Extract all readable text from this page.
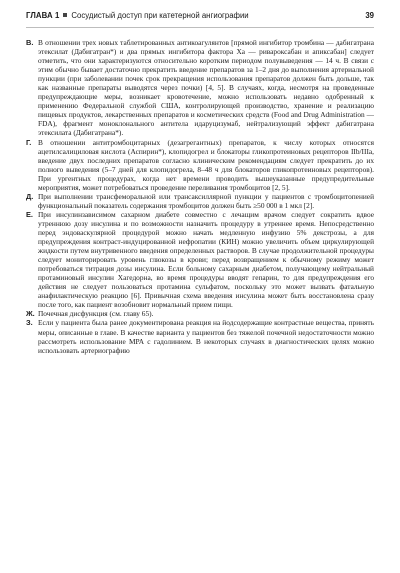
ГЛАВА 1 Сосудистый доступ при катетерной ангиографии	39
В. В отношении трех новых таблетированных антикоагулянтов [прямой ингибитор тромбина — дабигатрана этексилат (Дабигатран*) и два прямых ингибитора фактора Ха — ривароксабан и апиксабан] следует отметить, что они характеризуются относительно коротким периодом полувыведения — 14 ч. В связи с этим обычно бывает достаточно прекратить введение препаратов за 1–2 дня до выполнения артериальной пункции (при заболевании почек срок прекращения использования препаратов должен быть дольше, так как названные препараты выводятся через почки) [4, 5]. В случаях, когда, несмотря на проведенные предупреждающие меры, возникает кровотечение, можно использовать недавно одобренный к применению Федеральной службой США, контролирующей производство, хранение и реализацию пищевых продуктов, лекарственных препаратов и косметических средств (Food and Drug Administration — FDA), фрагмент моноклонального антитела идаруцизумаб, нейтрализующий эффект дабигатрана этексилата (Дабигатрана*).
Г. В отношении антитромбоцитарных (дезагрегантных) препаратов, к числу которых относятся ацетилсалициловая кислота (Аспирин*), клопидогрел и блокаторы гликопротеиновых рецепторов IIb/IIIa, введение двух последних препаратов согласно клиническим рекомендациям следует прекратить до их полного выведения (5–7 дней для клопидогрела, 8–48 ч для блокаторов гликопротеиновых рецепторов). При ургентных процедурах, когда нет времени проводить вышеуказанные предупредительные мероприятия, может потребоваться проведение переливания тромбоцитов [2, 5].
Д. При выполнении трансфеморальной или трансаксиллярной пункции у пациентов с тромбоцитопенией функциональный показатель содержания тромбоцитов должен быть ≥50 000 в 1 мкл [2].
Е. При инсулинзависимом сахарном диабете совместно с лечащим врачом следует сократить вдвое утреннюю дозу инсулина и по возможности назначить процедуру в утреннее время. Непосредственно перед эндоваскулярной процедурой можно начать медленную инфузию 5% декстрозы, а для предупреждения контраст-индуцированной нефропатии (КИН) можно увеличить объем циркулирующей жидкости путем внутривенного введения определенных растворов. В случае продолжительной процедуры следует мониторировать уровень глюкозы в крови; перед возвращением к обычному режиму может потребоваться титрация дозы инсулина. Если больному сахарным диабетом, получающему нейтральный протаминовый инсулин Хагедорна, во время процедуры вводят гепарин, то для предупреждения его действия не следует пользоваться протамина сульфатом, поскольку это может вызвать фатальную анафилактическую реакцию [6]. Привычная схема введения инсулина может быть восстановлена сразу после того, как пациент возобновит нормальный прием пищи.
Ж. Почечная дисфункция (см. главу 65).
З. Если у пациента была ранее документирована реакция на йодсодержащие контрастные вещества, принять меры, описанные в главе. В качестве варианта у пациентов без тяжелой почечной недостаточности можно рассмотреть использование МРА с гадолинием. В некоторых случаях в диагностических целях можно использовать артериографию
